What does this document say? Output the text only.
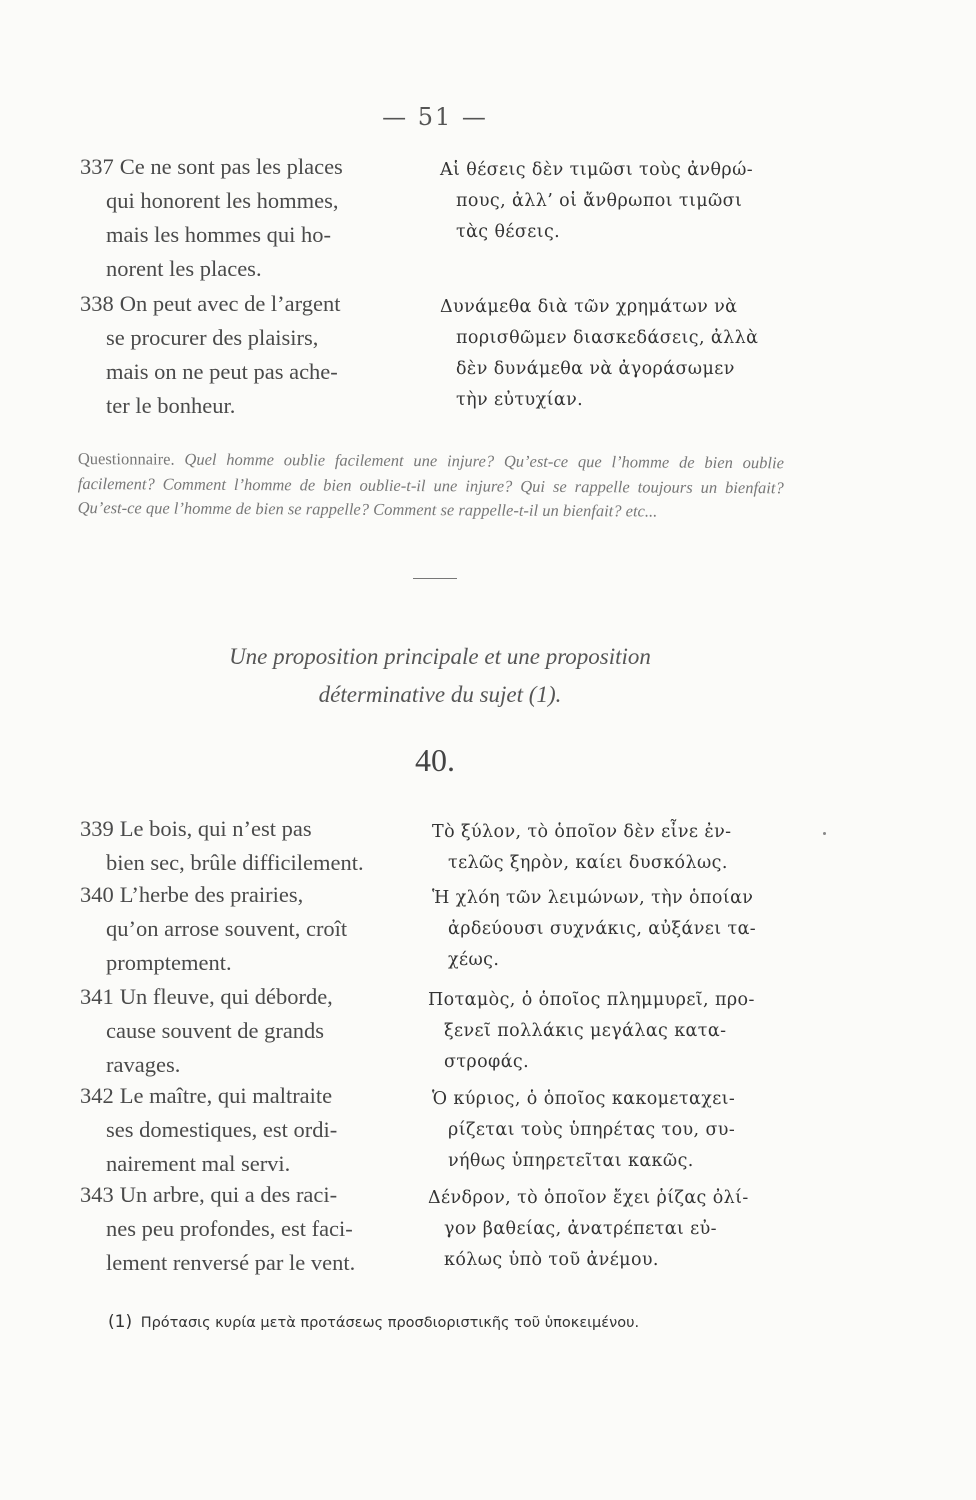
— 51 —
337 Ce ne sont pas les places
qui honorent les hommes,
mais les hommes qui ho-
norent les places.
Αἱ θέσεις δὲν τιμῶσι τοὺς ἀνθρώ-
πους, ἀλλ’ οἱ ἄνθρωποι τιμῶσι
τὰς θέσεις.
338 On peut avec de l’argent
se procurer des plaisirs,
mais on ne peut pas ache-
ter le bonheur.
Δυνάμεθα διὰ τῶν χρημάτων νὰ
πορισθῶμεν διασκεδάσεις, ἀλλὰ
δὲν δυνάμεθα νὰ ἀγοράσωμεν
τὴν εὐτυχίαν.
Questionnaire. Quel homme oublie facilement une injure? Qu’est-ce que l’homme de bien oublie facilement? Comment l’homme de bien oublie-t-il une injure? Qui se rappelle toujours un bienfait? Qu’est-ce que l’homme de bien se rappelle? Comment se rappelle-t-il un bienfait? etc...
Une proposition principale et une proposition
déterminative du sujet (1).
40.
339 Le bois, qui n’est pas
bien sec, brûle difficilement.
Τὸ ξύλον, τὸ ὁποῖον δὲν εἶνε ἐν-
τελῶς ξηρὸν, καίει δυσκόλως.
340 L’herbe des prairies,
qu’on arrose souvent, croît
promptement.
Ἡ χλόη τῶν λειμώνων, τὴν ὁποίαν
ἀρδεύουσι συχνάκις, αὐξάνει τα-
χέως.
341 Un fleuve, qui déborde,
cause souvent de grands
ravages.
Ποταμὸς, ὁ ὁποῖος πλημμυρεῖ, προ-
ξενεῖ πολλάκις μεγάλας κατα-
στροφάς.
342 Le maître, qui maltraite
ses domestiques, est ordi-
nairement mal servi.
Ὁ κύριος, ὁ ὁποῖος κακομεταχει-
ρίζεται τοὺς ὑπηρέτας του, συ-
νήθως ὑπηρετεῖται κακῶς.
343 Un arbre, qui a des raci-
nes peu profondes, est faci-
lement renversé par le vent.
Δένδρον, τὸ ὁποῖον ἔχει ῥίζας ὀλί-
γον βαθείας, ἀνατρέπεται εὐ-
κόλως ὑπὸ τοῦ ἀνέμου.
(1) Πρότασις κυρία μετὰ προτάσεως προσδιοριστικῆς τοῦ ὑποκειμένου.
